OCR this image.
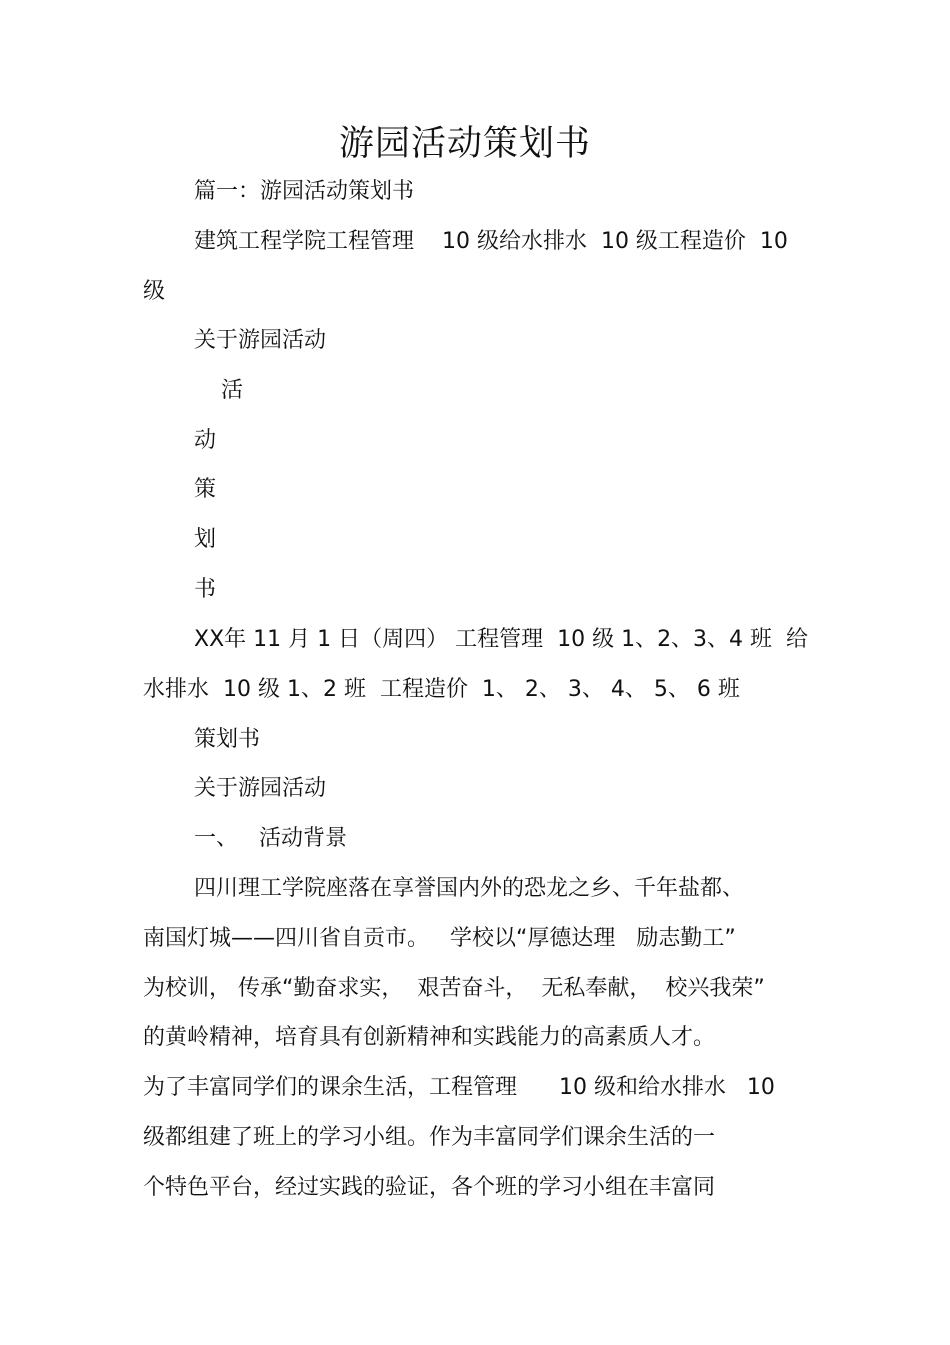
游园活动策划书
篇一：游园活动策划书
建筑工程学院工程管理    10 级给水排水  10 级工程造价  10
级
关于游园活动
活
动
策
划
书
XX年 11 月 1 日（周四） 工程管理  10 级 1、2、3、4 班  给
水排水  10 级 1、2 班  工程造价  1、 2、 3、 4、 5、 6 班
策划书
关于游园活动
一、   活动背景
四川理工学院座落在享誉国内外的恐龙之乡、千年盐都、
南国灯城——四川省自贡市。   学校以“厚德达理   励志勤工”
为校训， 传承“勤奋求实，  艰苦奋斗，  无私奉献，  校兴我荣”
的黄岭精神，培育具有创新精神和实践能力的高素质人才。
为了丰富同学们的课余生活，工程管理      10 级和给水排水   10
级都组建了班上的学习小组。作为丰富同学们课余生活的一
个特色平台，经过实践的验证，各个班的学习小组在丰富同
